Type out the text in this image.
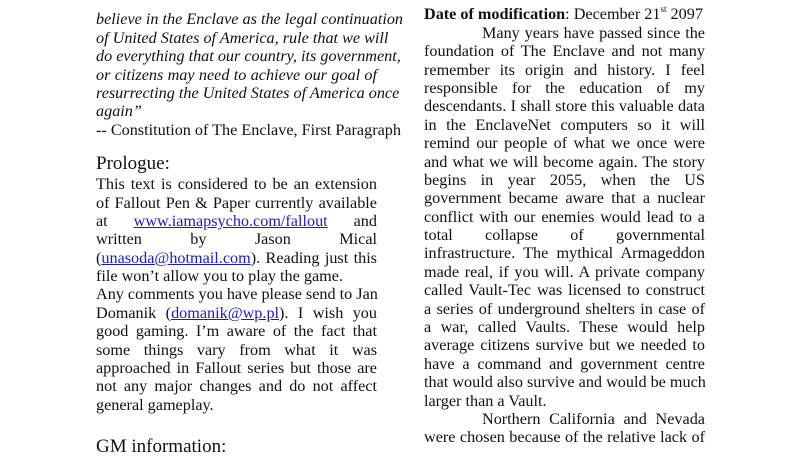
believe in the Enclave as the legal continuation
of United States of America, rule that we will
do everything that our country, its government,
or citizens may need to achieve our goal of
resurrecting the United States of America once
again”
-- Constitution of The Enclave, First Paragraph
Prologue:
This text is considered to be an extension
of Fallout Pen & Paper currently available
at www.iamapsycho.com/fallout and
written	by	Jason	Mical
(unasoda@hotmail.com). Reading just this
file won’t allow you to play the game.
Any comments you have please send to Jan
Domanik (domanik@wp.pl). I wish you
good gaming. I’m aware of the fact that
some things vary from what it was
approached in Fallout series but those are
not any major changes and do not affect
general gameplay.
GM information:
Date of modification: December 21st 2097
Many years have passed since the
foundation of The Enclave and not many
remember its origin and history. I feel
responsible for the education of my
descendants. I shall store this valuable data
in the EnclaveNet computers so it will
remind our people of what we once were
and what we will become again. The story
begins in year 2055, when the US
government became aware that a nuclear
conflict with our enemies would lead to a
total collapse of governmental
infrastructure. The mythical Armageddon
made real, if you will. A private company
called Vault-Tec was licensed to construct
a series of underground shelters in case of
a war, called Vaults. These would help
average citizens survive but we needed to
have a command and government centre
that would also survive and would be much
larger than a Vault.
Northern California and Nevada
were chosen because of the relative lack of
